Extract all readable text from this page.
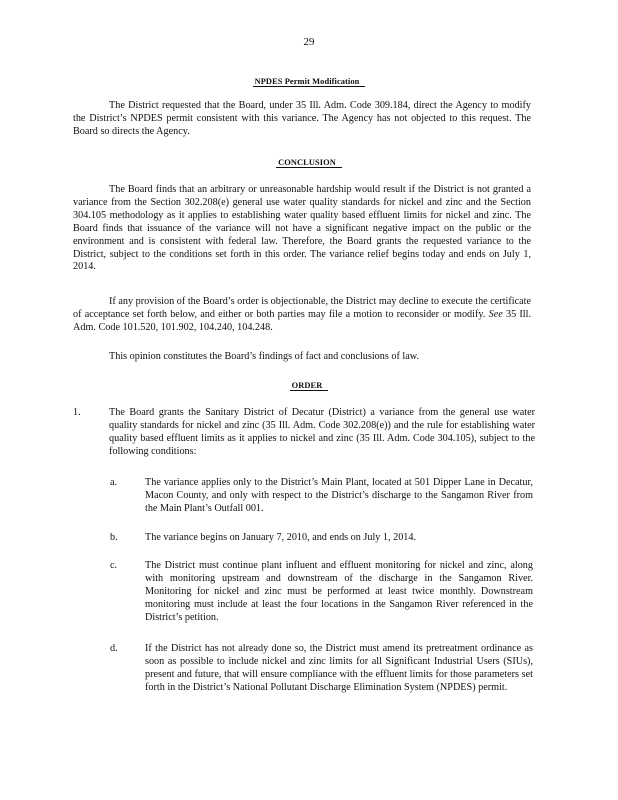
29
NPDES Permit Modification

The District requested that the Board, under 35 Ill. Adm. Code 309.184, direct the Agency to modify the District’s NPDES permit consistent with this variance. The Agency has not objected to this request. The Board so directs the Agency.

CONCLUSION

The Board finds that an arbitrary or unreasonable hardship would result if the District is not granted a variance from the Section 302.208(e) general use water quality standards for nickel and zinc and the Section 304.105 methodology as it applies to establishing water quality based effluent limits for nickel and zinc. The Board finds that issuance of the variance will not have a significant negative impact on the public or the environment and is consistent with federal law. Therefore, the Board grants the requested variance to the District, subject to the conditions set forth in this order. The variance relief begins today and ends on July 1, 2014.

If any provision of the Board’s order is objectionable, the District may decline to execute the certificate of acceptance set forth below, and either or both parties may file a motion to reconsider or modify. See 35 Ill. Adm. Code 101.520, 101.902, 104.240, 104.248.

This opinion constitutes the Board’s findings of fact and conclusions of law.

ORDER
1.	The Board grants the Sanitary District of Decatur (District) a variance from the general use water quality standards for nickel and zinc (35 Ill. Adm. Code 302.208(e)) and the rule for establishing water quality based effluent limits as it applies to nickel and zinc (35 Ill. Adm. Code 304.105), subject to the following conditions:

a.	The variance applies only to the District’s Main Plant, located at 501 Dipper Lane in Decatur, Macon County, and only with respect to the District’s discharge to the Sangamon River from the Main Plant’s Outfall 001.

b.	The variance begins on January 7, 2010, and ends on July 1, 2014.

c.	The District must continue plant influent and effluent monitoring for nickel and zinc, along with monitoring upstream and downstream of the discharge in the Sangamon River. Monitoring for nickel and zinc must be performed at least twice monthly. Downstream monitoring must include at least the four locations in the Sangamon River referenced in the District’s petition.

d.	If the District has not already done so, the District must amend its pretreatment ordinance as soon as possible to include nickel and zinc limits for all Significant Industrial Users (SIUs), present and future, that will ensure compliance with the effluent limits for those parameters set forth in the District’s National Pollutant Discharge Elimination System (NPDES) permit.
